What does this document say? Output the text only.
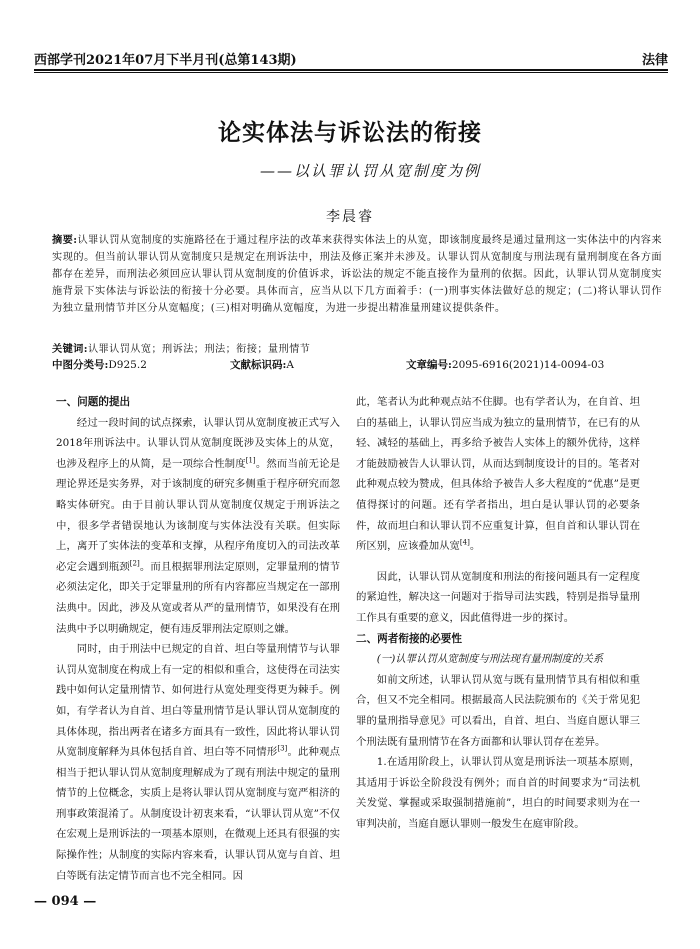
西部学刊2021年07月下半月刊(总第143期)	法律
论实体法与诉讼法的衔接
——以认罪认罚从宽制度为例
李晨睿
摘要:认罪认罚从宽制度的实施路径在于通过程序法的改革来获得实体法上的从宽，即该制度最终是通过量刑这一实体法中的内容来实现的。但当前认罪认罚从宽制度只是规定在刑诉法中，刑法及修正案并未涉及。认罪认罚从宽制度与刑法现有量刑制度在各方面都存在差异，而刑法必须回应认罪认罚从宽制度的价值诉求，诉讼法的规定不能直接作为量刑的依据。因此，认罪认罚从宽制度实施背景下实体法与诉讼法的衔接十分必要。具体而言，应当从以下几方面着手：(一)刑事实体法做好总的规定；(二)将认罪认罚作为独立量刑情节并区分从宽幅度；(三)相对明确从宽幅度，为进一步提出精准量刑建议提供条件。
关键词:认罪认罚从宽；刑诉法；刑法；衔接；量刑情节
中图分类号:D925.2	文献标识码:A	文章编号:2095-6916(2021)14-0094-03
一、问题的提出

经过一段时间的试点探索，认罪认罚从宽制度被正式写入2018年刑诉法中。认罪认罚从宽制度既涉及实体上的从宽，也涉及程序上的从简，是一项综合性制度[1]。然而当前无论是理论界还是实务界，对于该制度的研究多侧重于程序研究而忽略实体研究。由于目前认罪认罚从宽制度仅规定于刑诉法之中，很多学者错误地认为该制度与实体法没有关联。但实际上，离开了实体法的变革和支撑，从程序角度切入的司法改革必定会遇到瓶颈[2]。而且根据罪刑法定原则，定罪量刑的情节必须法定化，即关于定罪量刑的所有内容都应当规定在一部刑法典中。因此，涉及从宽或者从严的量刑情节，如果没有在刑法典中予以明确规定，便有违反罪刑法定原则之嫌。

同时，由于刑法中已规定的自首、坦白等量刑情节与认罪认罚从宽制度在构成上有一定的相似和重合，这使得在司法实践中如何认定量刑情节、如何进行从宽处理变得更为棘手。例如，有学者认为自首、坦白等量刑情节是认罪认罚从宽制度的具体体现，指出两者在诸多方面具有一致性，因此将认罪认罚从宽制度解释为具体包括自首、坦白等不同情形[3]。此种观点相当于把认罪认罚从宽制度理解成为了现有刑法中规定的量刑情节的上位概念，实质上是将认罪认罚从宽制度与宽严相济的刑事政策混淆了。从制度设计初衷来看，“认罪认罚从宽”不仅在宏观上是刑诉法的一项基本原则，在微观上还具有很强的实际操作性；从制度的实际内容来看，认罪认罚从宽与自首、坦白等既有法定情节而言也不完全相同。因

此，笔者认为此种观点站不住脚。也有学者认为，在自首、坦白的基础上，认罪认罚应当成为独立的量刑情节，在已有的从轻、减轻的基础上，再多给予被告人实体上的额外优待，这样才能鼓励被告人认罪认罚，从而达到制度设计的目的。笔者对此种观点较为赞成，但具体给予被告人多大程度的“优惠”是更值得探讨的问题。还有学者指出，坦白是认罪认罚的必要条件，故而坦白和认罪认罚不应重复计算，但自首和认罪认罚在所区别，应该叠加从宽[4]。

因此，认罪认罚从宽制度和刑法的衔接问题具有一定程度的紧迫性，解决这一问题对于指导司法实践，特别是指导量刑工作具有重要的意义，因此值得进一步的探讨。

二、两者衔接的必要性
(一)认罪认罚从宽制度与刑法现有量刑制度的关系

如前文所述，认罪认罚从宽与既有量刑情节具有相似和重合，但又不完全相同。根据最高人民法院颁布的《关于常见犯罪的量刑指导意见》可以看出，自首、坦白、当庭自愿认罪三个刑法既有量刑情节在各方面都和认罪认罚存在差异。

1.在适用阶段上，认罪认罚从宽是刑诉法一项基本原则，其适用于诉讼全阶段没有例外；而自首的时间要求为“司法机关发觉、掌握或采取强制措施前”，坦白的时间要求则为在一审判决前，当庭自愿认罪则一般发生在庭审阶段。

— 094 —
